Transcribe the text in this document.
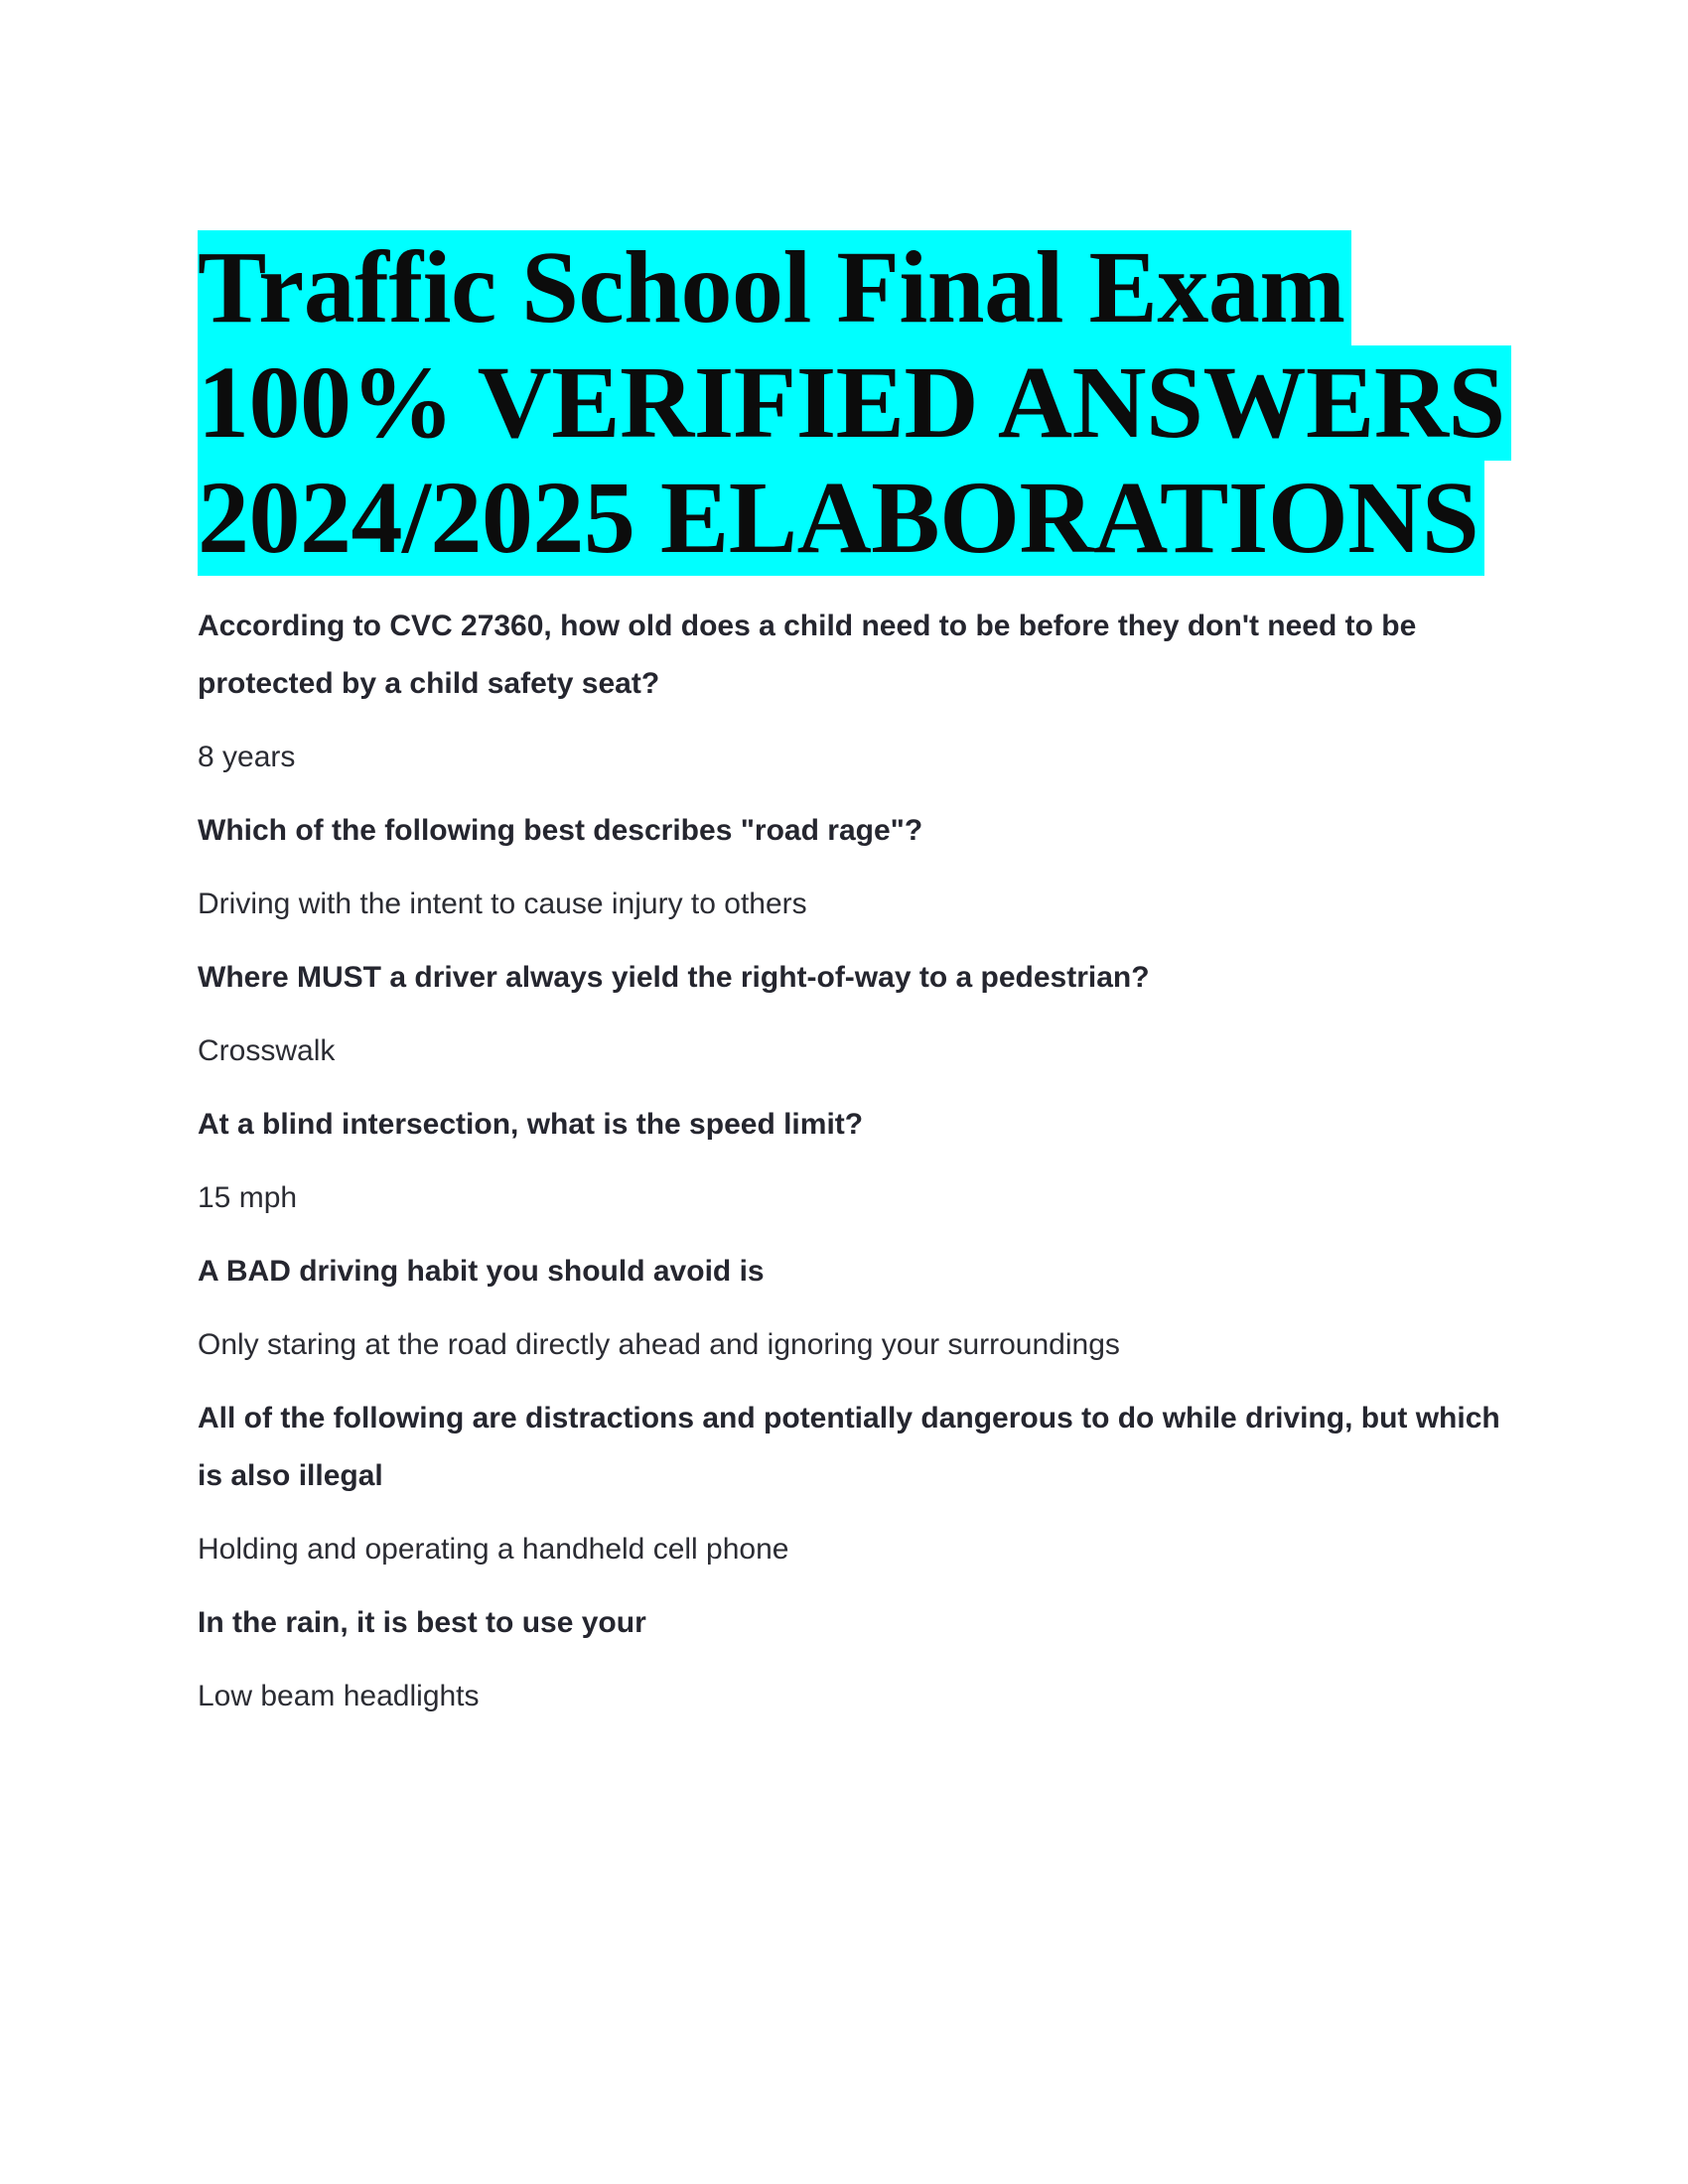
Traffic School Final Exam
100% VERIFIED ANSWERS
2024/2025 ELABORATIONS

According to CVC 27360, how old does a child need to be before they don't need to be protected by a child safety seat?

8 years

Which of the following best describes "road rage"?

Driving with the intent to cause injury to others

Where MUST a driver always yield the right-of-way to a pedestrian?

Crosswalk

At a blind intersection, what is the speed limit?

15 mph

A BAD driving habit you should avoid is

Only staring at the road directly ahead and ignoring your surroundings

All of the following are distractions and potentially dangerous to do while driving, but which is also illegal

Holding and operating a handheld cell phone

In the rain, it is best to use your

Low beam headlights
